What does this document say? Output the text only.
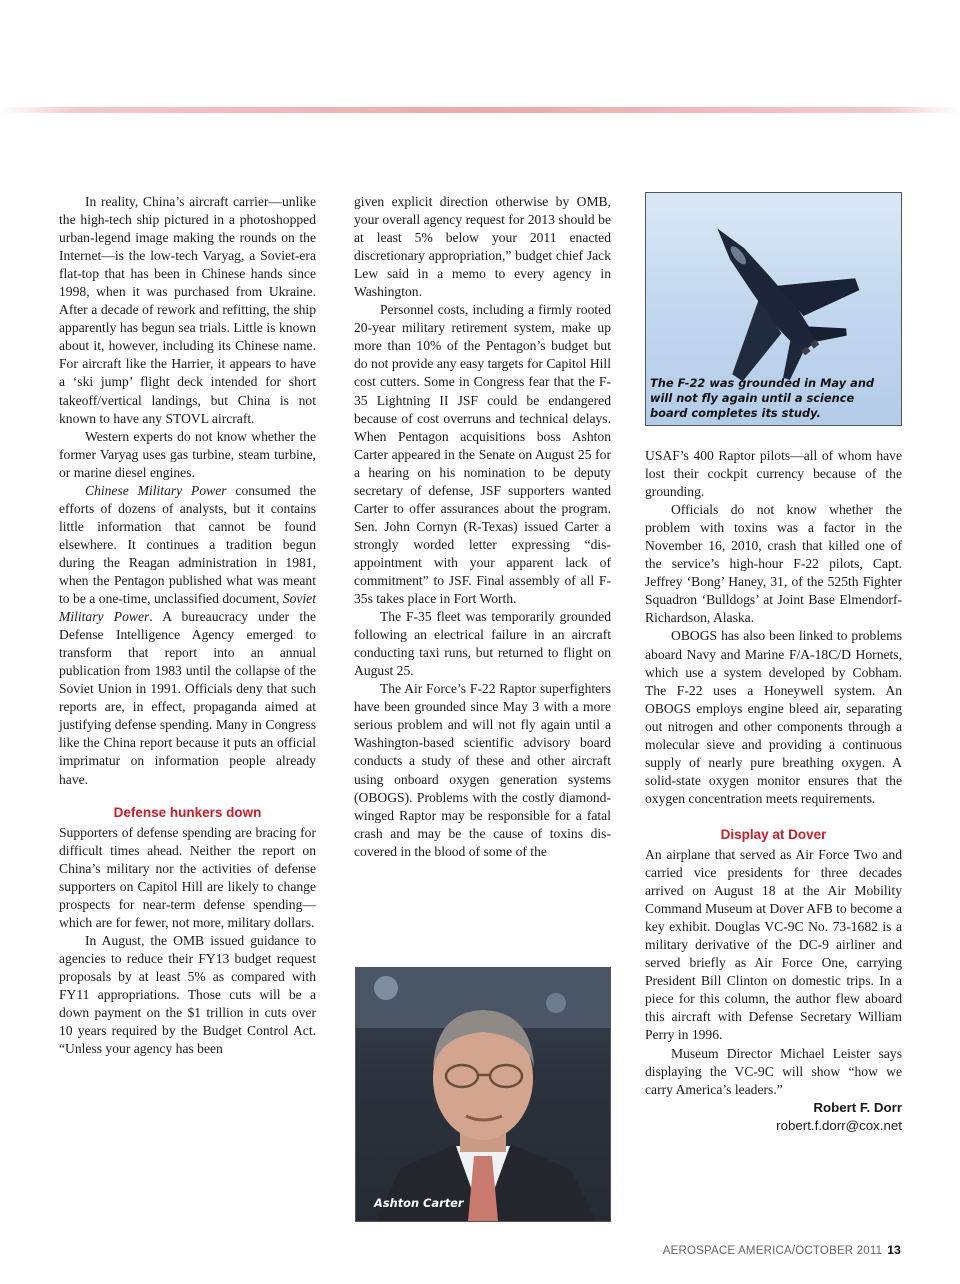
In reality, China’s aircraft carrier—unlike the high-tech ship pictured in a photoshopped urban-legend image making the rounds on the Internet—is the low-tech Varyag, a Soviet-era flat-top that has been in Chinese hands since 1998, when it was purchased from Ukraine. After a decade of rework and refitting, the ship apparently has begun sea trials. Little is known about it, however, including its Chinese name. For aircraft like the Harrier, it appears to have a ‘ski jump’ flight deck intended for short takeoff/vertical landings, but China is not known to have any STOVL aircraft.

Western experts do not know whether the former Varyag uses gas turbine, steam turbine, or marine diesel engines.

Chinese Military Power consumed the efforts of dozens of analysts, but it contains little information that cannot be found elsewhere. It continues a tradition begun during the Reagan administration in 1981, when the Pentagon published what was meant to be a one-time, unclassified document, Soviet Military Power. A bureaucracy under the Defense Intelligence Agency emerged to transform that report into an annual publication from 1983 until the collapse of the Soviet Union in 1991. Officials deny that such reports are, in effect, propaganda aimed at justifying defense spending. Many in Congress like the China report because it puts an official imprimatur on information people already have.

Defense hunkers down

Supporters of defense spending are bracing for difficult times ahead. Neither the report on China’s military nor the activities of defense supporters on Capitol Hill are likely to change prospects for near-term defense spending—which are for fewer, not more, military dollars.

In August, the OMB issued guidance to agencies to reduce their FY13 budget request proposals by at least 5% as compared with FY11 appropriations. Those cuts will be a down payment on the $1 trillion in cuts over 10 years required by the Budget Control Act. “Unless your agency has been

given explicit direction otherwise by OMB, your overall agency request for 2013 should be at least 5% below your 2011 enacted discretionary appropriation,” budget chief Jack Lew said in a memo to every agency in Washington.

Personnel costs, including a firmly rooted 20-year military retirement system, make up more than 10% of the Pentagon’s budget but do not provide any easy targets for Capitol Hill cost cutters. Some in Congress fear that the F-35 Lightning II JSF could be endangered because of cost overruns and technical delays. When Pentagon acquisitions boss Ashton Carter appeared in the Senate on August 25 for a hearing on his nomination to be deputy secretary of defense, JSF supporters wanted Carter to offer assurances about the program. Sen. John Cornyn (R-Texas) issued Carter a strongly worded letter expressing “disappointment with your apparent lack of commitment” to JSF. Final assembly of all F-35s takes place in Fort Worth.

The F-35 fleet was temporarily grounded following an electrical failure in an aircraft conducting taxi runs, but returned to flight on August 25.

The Air Force’s F-22 Raptor superfighters have been grounded since May 3 with a more serious problem and will not fly again until a Washington-based scientific advisory board conducts a study of these and other aircraft using onboard oxygen generation systems (OBOGS). Problems with the costly diamond-winged Raptor may be responsible for a fatal crash and may be the cause of toxins discovered in the blood of some of the

USAF’s 400 Raptor pilots—all of whom have lost their cockpit currency because of the grounding.

Officials do not know whether the problem with toxins was a factor in the November 16, 2010, crash that killed one of the service’s high-hour F-22 pilots, Capt. Jeffrey ‘Bong’ Haney, 31, of the 525th Fighter Squadron ‘Bulldogs’ at Joint Base Elmendorf-Richardson, Alaska.

OBOGS has also been linked to problems aboard Navy and Marine F/A-18C/D Hornets, which use a system developed by Cobham. The F-22 uses a Honeywell system. An OBOGS employs engine bleed air, separating out nitrogen and other components through a molecular sieve and providing a continuous supply of nearly pure breathing oxygen. A solid-state oxygen monitor ensures that the oxygen concentration meets requirements.

Display at Dover

An airplane that served as Air Force Two and carried vice presidents for three decades arrived on August 18 at the Air Mobility Command Museum at Dover AFB to become a key exhibit. Douglas VC-9C No. 73-1682 is a military derivative of the DC-9 airliner and served briefly as Air Force One, carrying President Bill Clinton on domestic trips. In a piece for this column, the author flew aboard this aircraft with Defense Secretary William Perry in 1996.

Museum Director Michael Leister says displaying the VC-9C will show “how we carry America’s leaders.”

Robert F. Dorr
robert.f.dorr@cox.net
The F-22 was grounded in May and will not fly again until a science board completes its study.
Ashton Carter
AEROSPACE AMERICA/OCTOBER 2011 13
